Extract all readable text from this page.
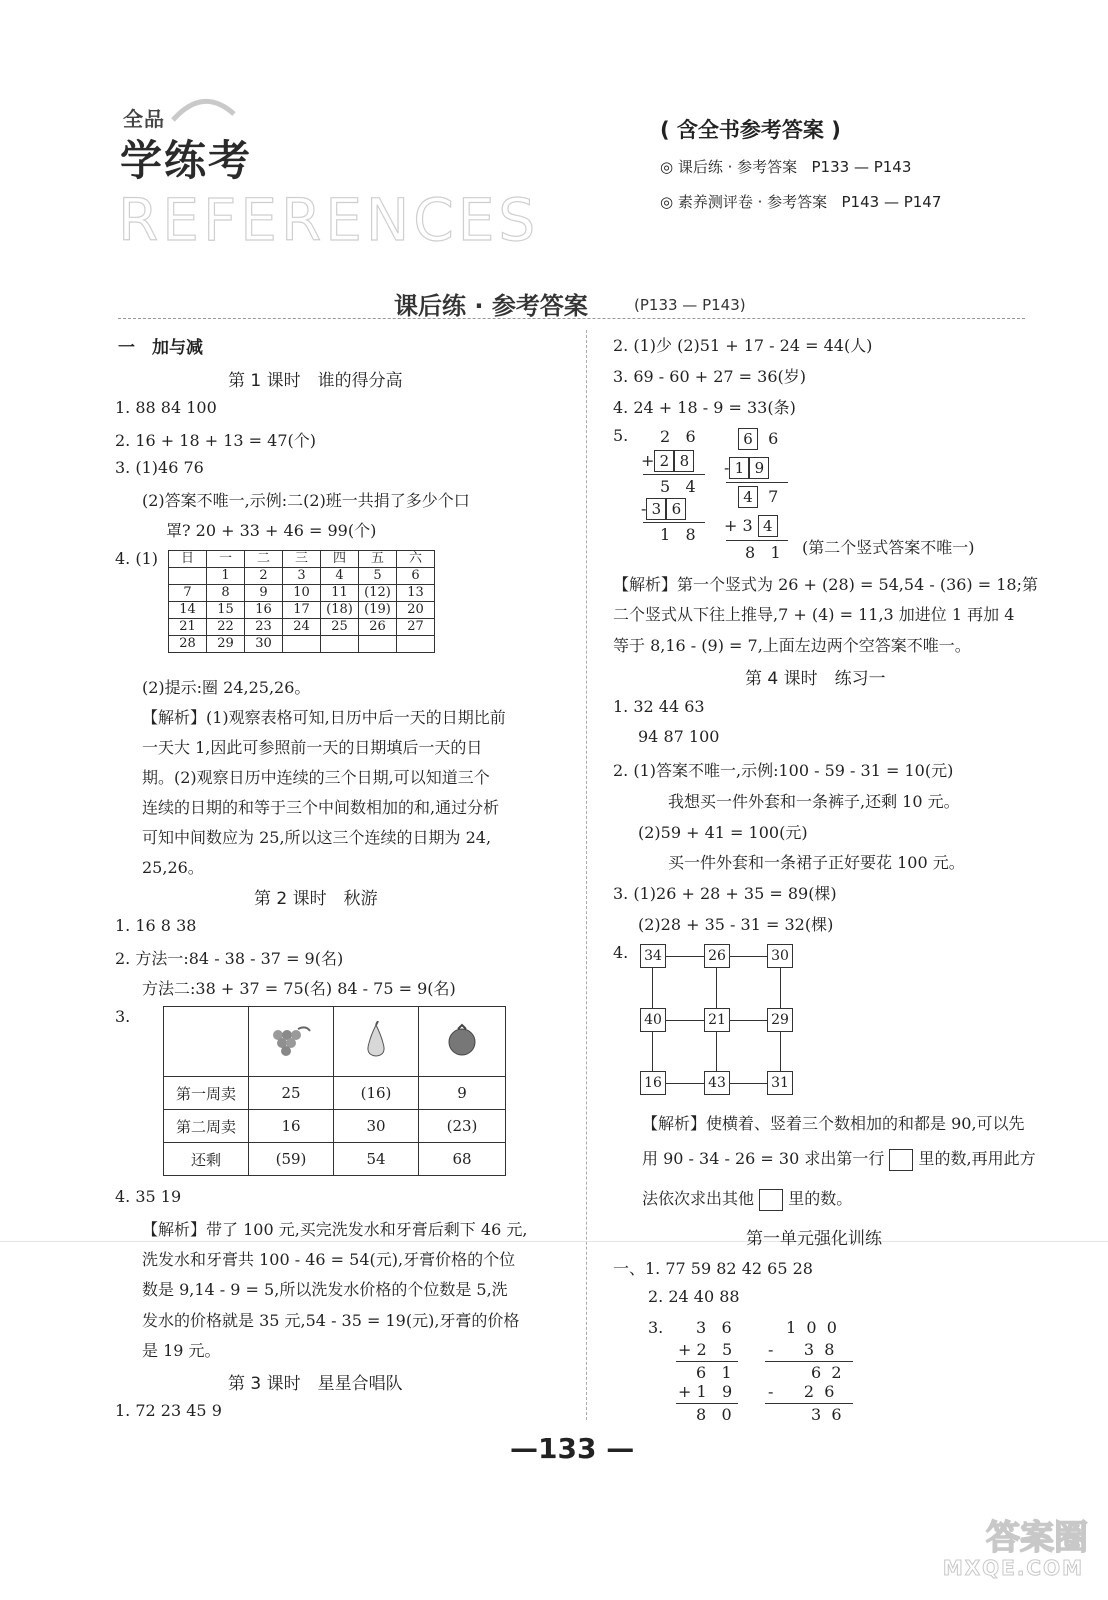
全品
学练考
REFERENCES
( 含全书参考答案 )
◎ 课后练 · 参考答案 P133 — P143
◎ 素养测评卷 · 参考答案 P143 — P147
课后练 · 参考答案	(P133 — P143)
一　加与减
第 1 课时　谁的得分高
1. 88 84 100
2. 16 + 18 + 13 = 47(个)
3. (1)46 76
(2)答案不唯一,示例:二(2)班一共捐了多少个口
罩? 20 + 33 + 46 = 99(个)
4. (1) 日	一	二	三	四	五	六
	1	2	3	4	5	6
7	8	9	10	11	(12)	13
14	15	16	17	(18)	(19)	20
21	22	23	24	25	26	27
28	29	30				
(2)提示:圈 24,25,26。
【解析】(1)观察表格可知,日历中后一天的日期比前
一天大 1,因此可参照前一天的日期填后一天的日
期。(2)观察日历中连续的三个日期,可以知道三个
连续的日期的和等于三个中间数相加的和,通过分析
可知中间数应为 25,所以这三个连续的日期为 24,
25,26。
第 2 课时　秋游
1. 16 8 38
2. 方法一:84 - 38 - 37 = 9(名)
方法二:38 + 37 = 75(名) 84 - 75 = 9(名)
3.

第一周卖	25	(16)	9
第二周卖	16	30	(23)
还剩	(59)	54	68
4. 35 19
【解析】带了 100 元,买完洗发水和牙膏后剩下 46 元,
洗发水和牙膏共 100 - 46 = 54(元),牙膏价格的个位
数是 9,14 - 9 = 5,所以洗发水价格的个位数是 5,洗
发水的价格就是 35 元,54 - 35 = 19(元),牙膏的价格
是 19 元。
第 3 课时　星星合唱队
1. 72 23 45 9
2. (1)少 (2)51 + 17 - 24 = 44(人)
3. 69 - 60 + 27 = 36(岁)
4. 24 + 18 - 9 = 33(条)
5. 2 6
+ 2 8
5 4
- 3 6
1 8
6 6
- 1 9
4 7
+ 3 4
8 1 (第二个竖式答案不唯一)
【解析】第一个竖式为 26 + (28) = 54,54 - (36) = 18;第
二个竖式从下往上推导,7 + (4) = 11,3 加进位 1 再加 4
等于 8,16 - (9) = 7,上面左边两个空答案不唯一。
第 4 课时　练习一
1. 32 44 63
94 87 100
2. (1)答案不唯一,示例:100 - 59 - 31 = 10(元)
我想买一件外套和一条裤子,还剩 10 元。
(2)59 + 41 = 100(元)
买一件外套和一条裙子正好要花 100 元。
3. (1)26 + 28 + 35 = 89(棵)
(2)28 + 35 - 31 = 32(棵)
4. 34	26	30
40	21	29
16	43	31
【解析】使横着、竖着三个数相加的和都是 90,可以先
用 90 - 34 - 26 = 30 求出第一行 里的数,再用此方
法依次求出其他 里的数。
第一单元强化训练
一、1. 77 59 82 42 65 28
2. 24 40 88
3. 3 6
+ 2 5
6 1
+ 1 9
8 0
1 0 0
- 3 8
6 2
- 2 6
3 6
—133 —
答案圈
MXQE.COM
